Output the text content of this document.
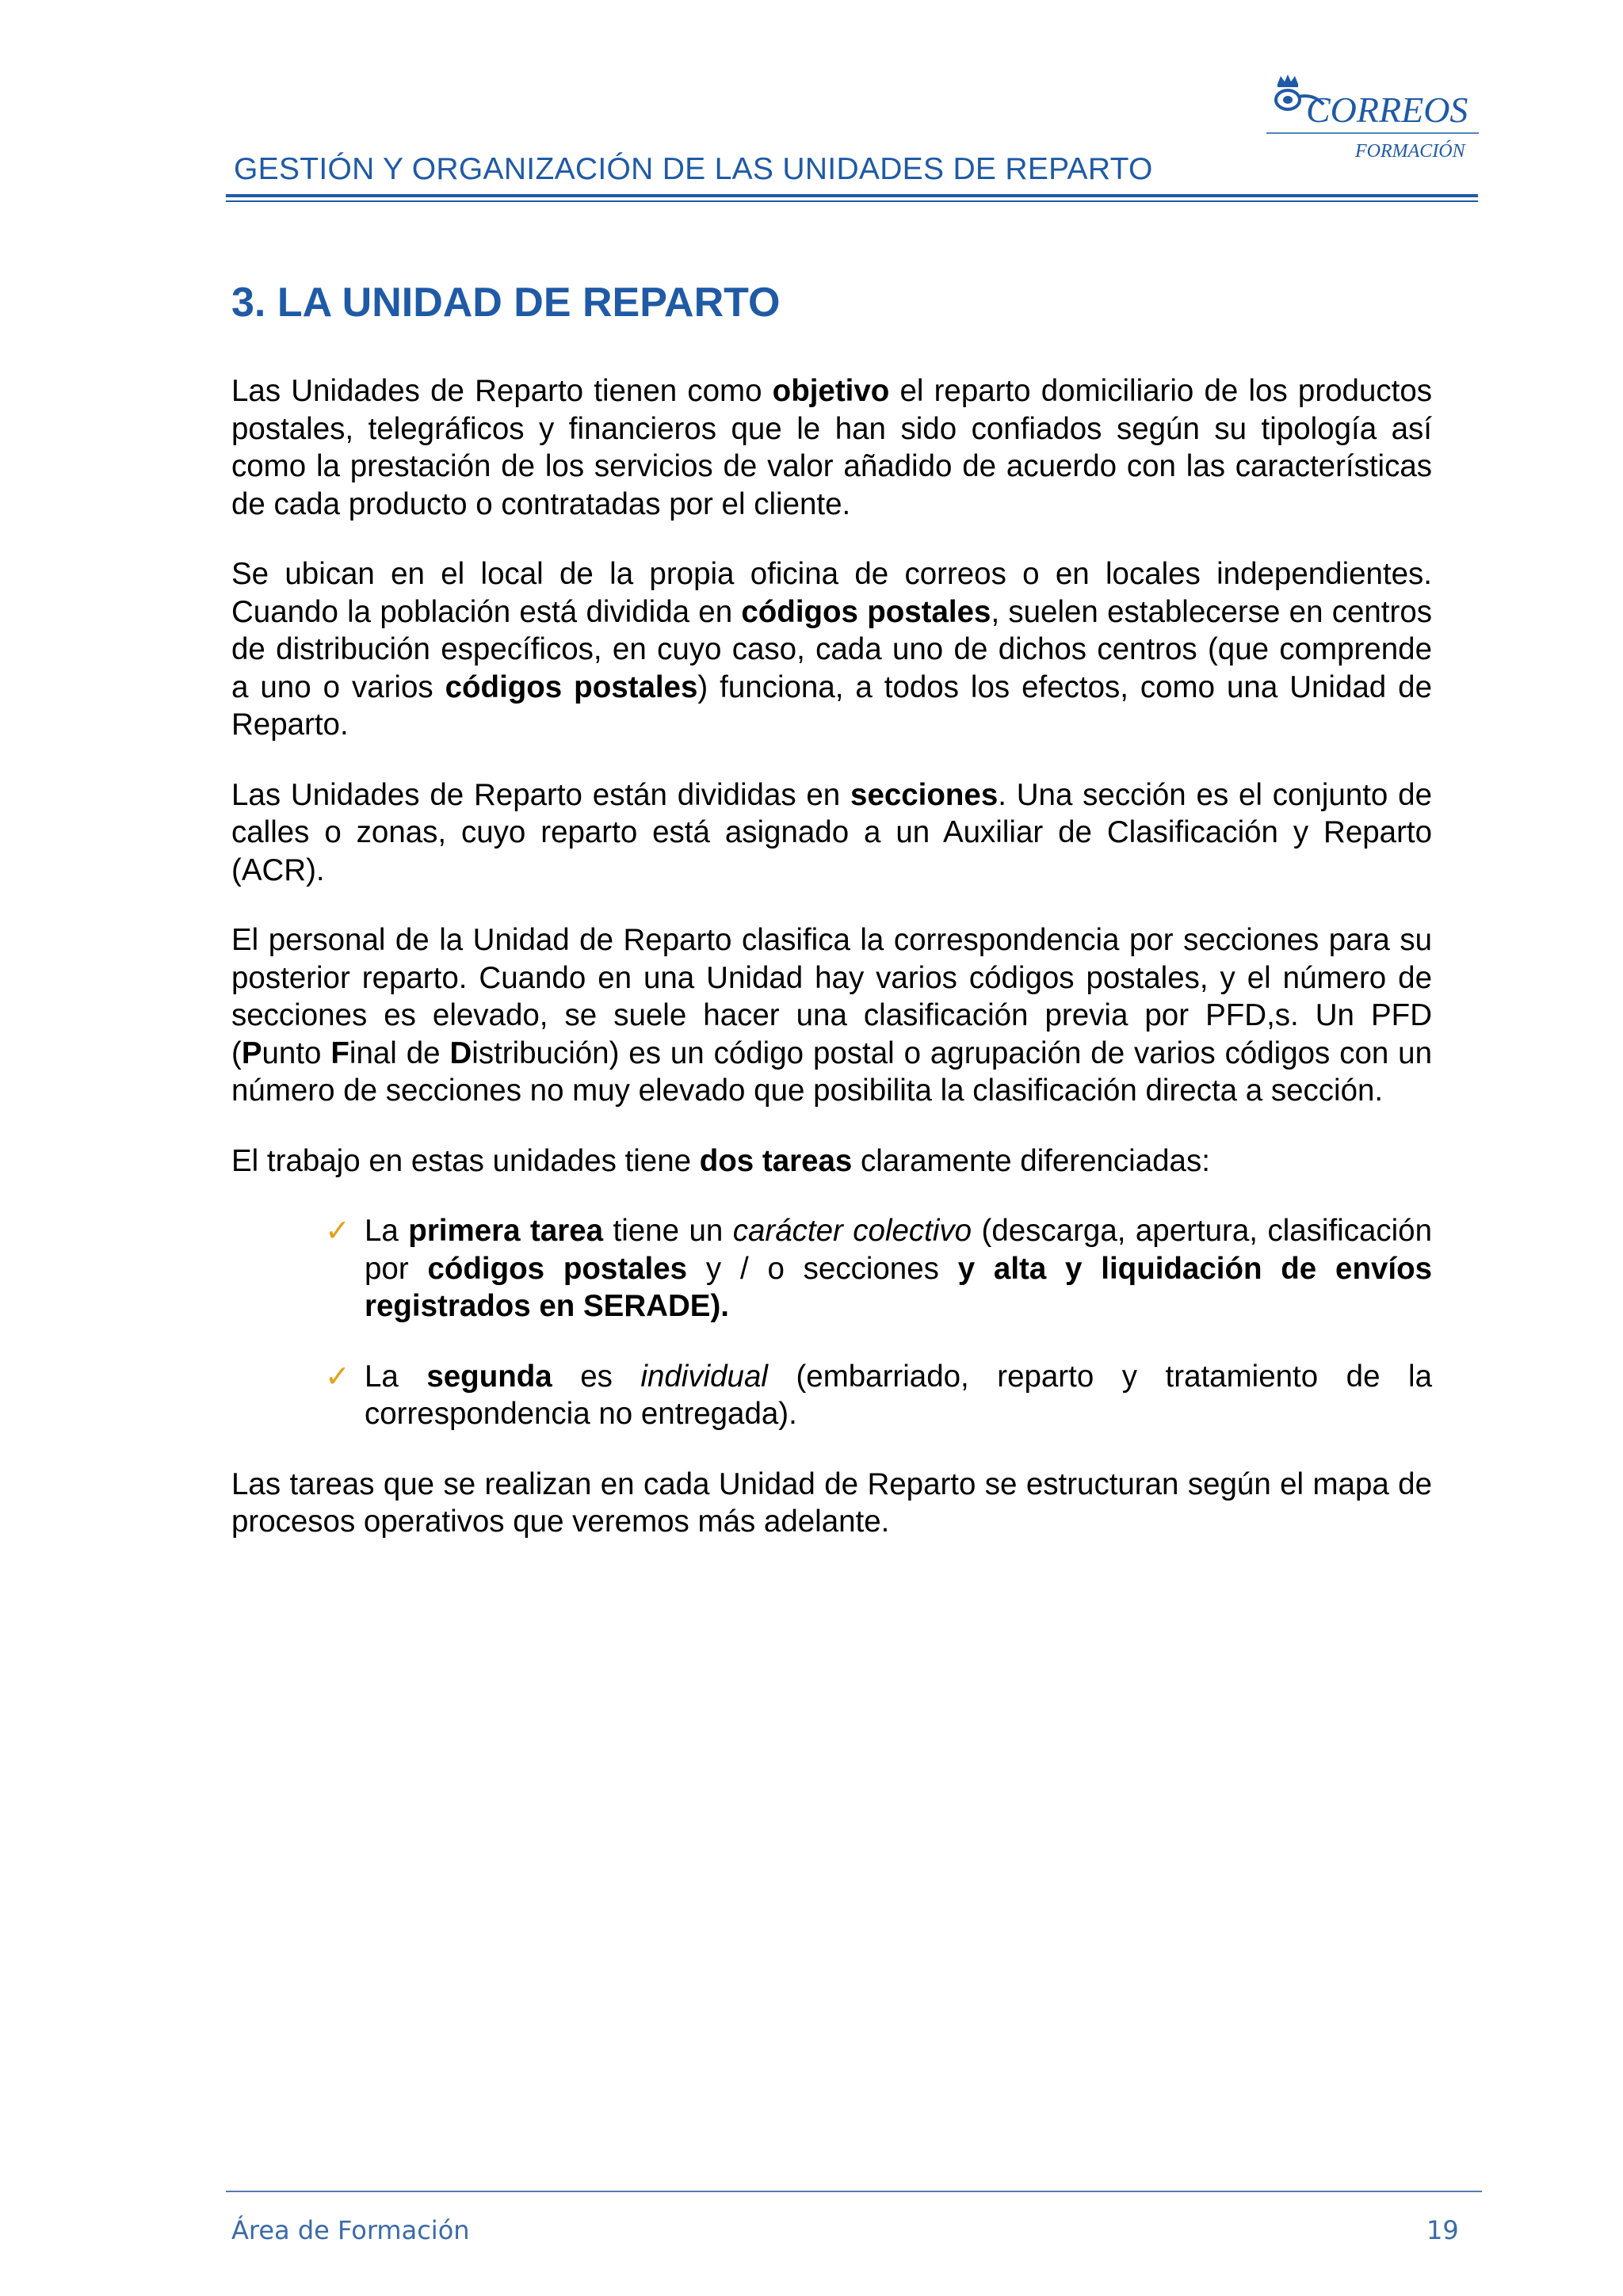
CORREOS
FORMACIÓN
GESTIÓN Y ORGANIZACIÓN DE LAS UNIDADES DE REPARTO
3. LA UNIDAD DE REPARTO

Las Unidades de Reparto tienen como objetivo el reparto domiciliario de los productos postales, telegráficos y financieros que le han sido confiados según su tipología así como la prestación de los servicios de valor añadido de acuerdo con las características de cada producto o contratadas por el cliente.

Se ubican en el local de la propia oficina de correos o en locales independientes. Cuando la población está dividida en códigos postales, suelen establecerse en centros de distribución específicos, en cuyo caso, cada uno de dichos centros (que comprende a uno o varios códigos postales) funciona, a todos los efectos, como una Unidad de Reparto.

Las Unidades de Reparto están divididas en secciones. Una sección es el conjunto de calles o zonas, cuyo reparto está asignado a un Auxiliar de Clasificación y Reparto (ACR).

El personal de la Unidad de Reparto clasifica la correspondencia por secciones para su posterior reparto. Cuando en una Unidad hay varios códigos postales, y el número de secciones es elevado, se suele hacer una clasificación previa por PFD,s. Un PFD (Punto Final de Distribución) es un código postal o agrupación de varios códigos con un número de secciones no muy elevado que posibilita la clasificación directa a sección.

El trabajo en estas unidades tiene dos tareas claramente diferenciadas:

✓ La primera tarea tiene un carácter colectivo (descarga, apertura, clasificación por códigos postales y / o secciones y alta y liquidación de envíos registrados en SERADE).
✓ La segunda es individual (embarriado, reparto y tratamiento de la correspondencia no entregada).

Las tareas que se realizan en cada Unidad de Reparto se estructuran según el mapa de procesos operativos que veremos más adelante.

Área de Formación	19
